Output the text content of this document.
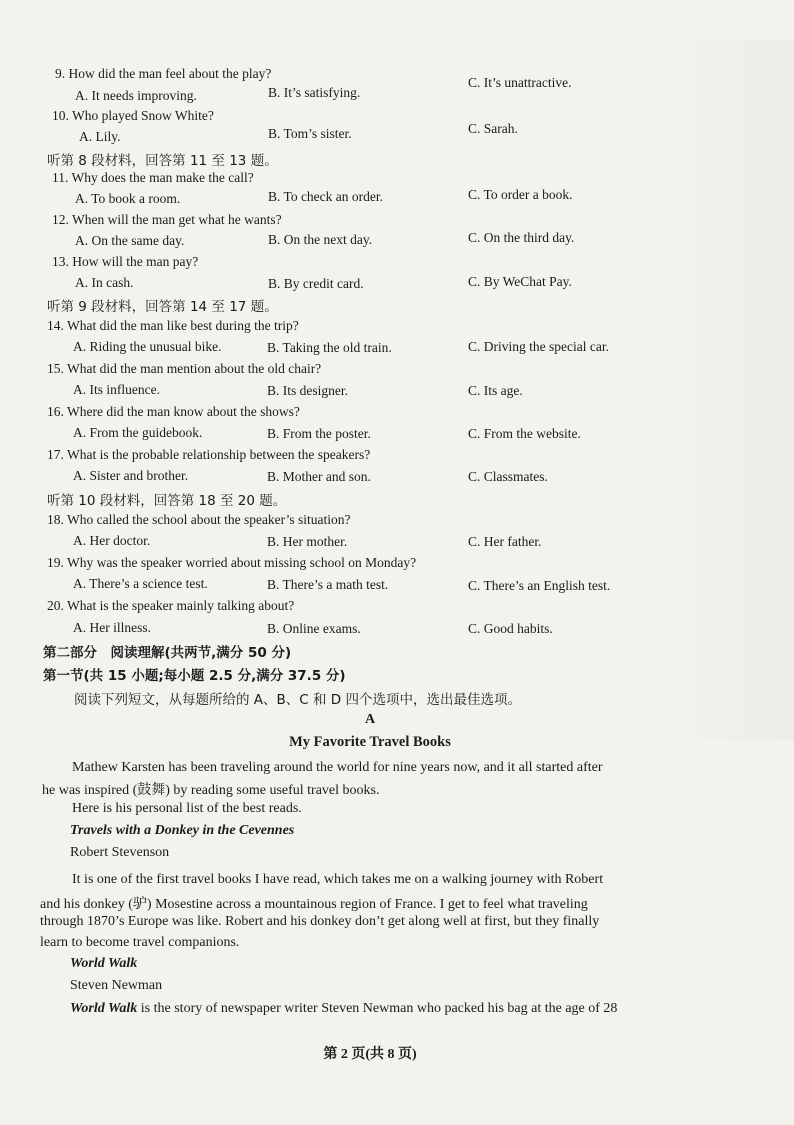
9. How did the man feel about the play?
A. It needs improving.	B. It’s satisfying.
C. It’s unattractive.
10. Who played Snow White?
A. Lily.	B. Tom’s sister.	C. Sarah.
听第 8 段材料，回答第 11 至 13 题。
11. Why does the man make the call?
A. To book a room.	B. To check an order.	C. To order a book.
12. When will the man get what he wants?
A. On the same day.	B. On the next day.	C. On the third day.
13. How will the man pay?
A. In cash.	B. By credit card.	C. By WeChat Pay.
听第 9 段材料，回答第 14 至 17 题。
14. What did the man like best during the trip?
A. Riding the unusual bike.	B. Taking the old train.	C. Driving the special car.
15. What did the man mention about the old chair?
A. Its influence.	B. Its designer.	C. Its age.
16. Where did the man know about the shows?
A. From the guidebook.	B. From the poster.	C. From the website.
17. What is the probable relationship between the speakers?
A. Sister and brother.	B. Mother and son.	C. Classmates.
听第 10 段材料，回答第 18 至 20 题。
18. Who called the school about the speaker’s situation?
A. Her doctor.	B. Her mother.	C. Her father.
19. Why was the speaker worried about missing school on Monday?
A. There’s a science test.	B. There’s a math test.	C. There’s an English test.
20. What is the speaker mainly talking about?
A. Her illness.	B. Online exams.	C. Good habits.
第二部分　阅读理解(共两节,满分 50 分)
第一节(共 15 小题;每小题 2.5 分,满分 37.5 分)
阅读下列短文，从每题所给的 A、B、C 和 D 四个选项中，选出最佳选项。
A
My Favorite Travel Books
Mathew Karsten has been traveling around the world for nine years now, and it all started after
he was inspired (鼓舞) by reading some useful travel books.
Here is his personal list of the best reads.
Travels with a Donkey in the Cevennes
Robert Stevenson
It is one of the first travel books I have read, which takes me on a walking journey with Robert
and his donkey (驴) Mosestine across a mountainous region of France. I get to feel what traveling
through 1870’s Europe was like. Robert and his donkey don’t get along well at first, but they finally
learn to become travel companions.
World Walk
Steven Newman
World Walk is the story of newspaper writer Steven Newman who packed his bag at the age of 28
第 2 页(共 8 页)
